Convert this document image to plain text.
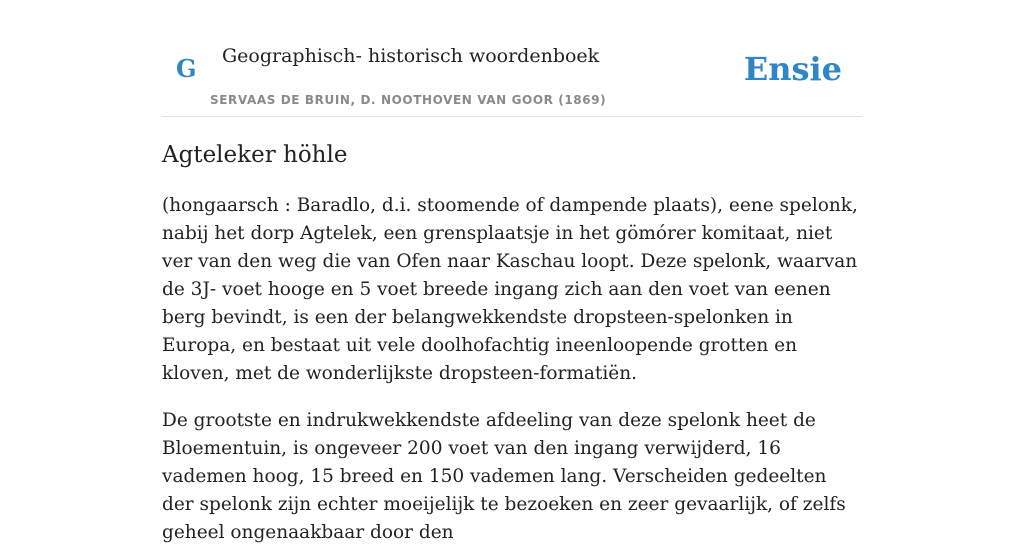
G Geographisch- historisch woordenboek
SERVAAS DE BRUIN, D. NOOTHOVEN VAN GOOR (1869)
Ensie
Agteleker höhle

(hongaarsch : Baradlo, d.i. stoomende of dampende plaats), eene spelonk, nabij het dorp Agtelek, een grensplaatsje in het gömórer komitaat, niet ver van den weg die van Ofen naar Kaschau loopt. Deze spelonk, waarvan de 3J- voet hooge en 5 voet breede ingang zich aan den voet van eenen berg bevindt, is een der belangwekkendste dropsteen-spelonken in Europa, en bestaat uit vele doolhofachtig ineenloopende grotten en kloven, met de wonderlijkste dropsteen-formatiën.

De grootste en indrukwekkendste afdeeling van deze spelonk heet de Bloementuin, is ongeveer 200 voet van den ingang verwijderd, 16 vademen hoog, 15 breed en 150 vademen lang. Verscheiden gedeelten der spelonk zijn echter moeijelijk te bezoeken en zeer gevaarlijk, of zelfs geheel ongenaakbaar door den
